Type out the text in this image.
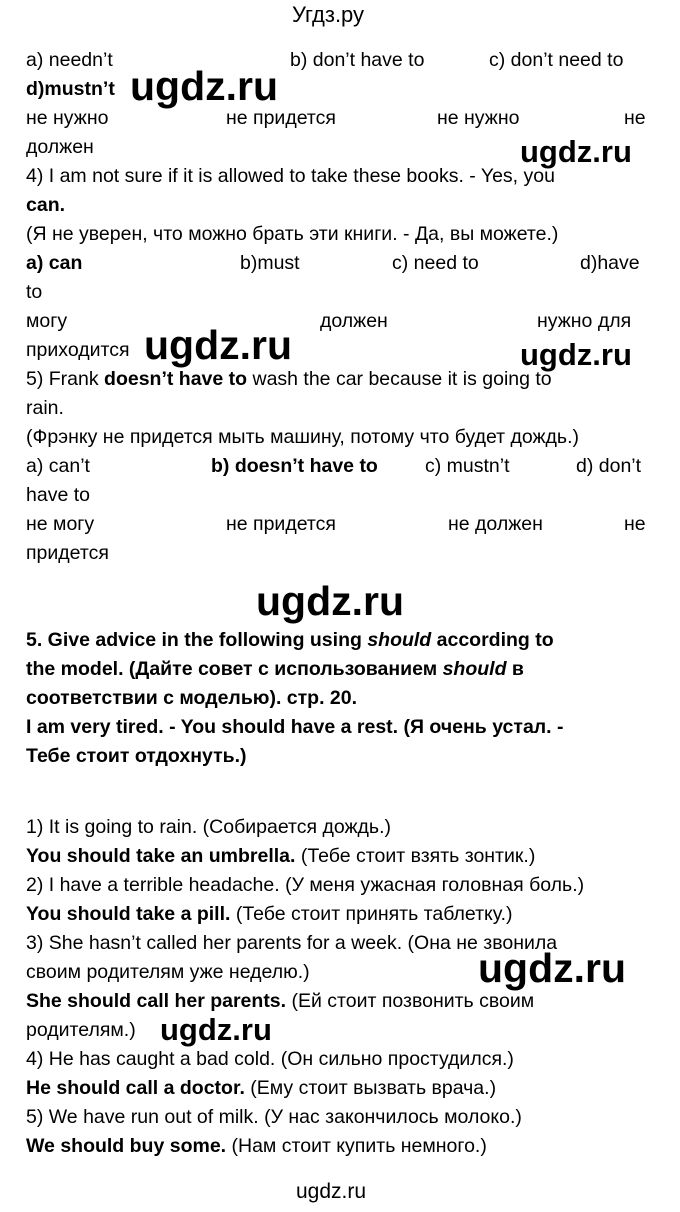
Угдз.ру
a) needn’t	b) don’t have to	c) don’t need to
d)mustn’t ugdz.ru
не нужно	не придется	не нужно	не
должен	ugdz.ru
4) I am not sure if it is allowed to take these books. - Yes, you
can.
(Я не уверен, что можно брать эти книги. - Да, вы можете.)
a) can	b)must	c) need to	d)have
to
могу	должен	нужно для
приходится ugdz.ru	ugdz.ru
5) Frank doesn’t have to wash the car because it is going to
rain.
(Фрэнку не придется мыть машину, потому что будет дождь.)
a) can’t	b) doesn’t have to c) mustn’t	d) don’t
have to
не могу	не придется	не должен	не
придется
ugdz.ru
5. Give advice in the following using should according to
the model. (Дайте совет с использованием should в
соответствии с моделью). стр. 20.
I am very tired. - You should have a rest. (Я очень устал. -
Тебе стоит отдохнуть.)
1) It is going to rain. (Собирается дождь.)
You should take an umbrella. (Тебе стоит взять зонтик.)
2) I have a terrible headache. (У меня ужасная головная боль.)
You should take a pill. (Тебе стоит принять таблетку.)
3) She hasn’t called her parents for a week. (Она не звонила
своим родителям уже неделю.)	ugdz.ru
She should call her parents. (Ей стоит позвонить своим
родителям.) ugdz.ru
4) He has caught a bad cold. (Он сильно простудился.)
He should call a doctor. (Ему стоит вызвать врача.)
5) We have run out of milk. (У нас закончилось молоко.)
We should buy some. (Нам стоит купить немного.)
ugdz.ru
